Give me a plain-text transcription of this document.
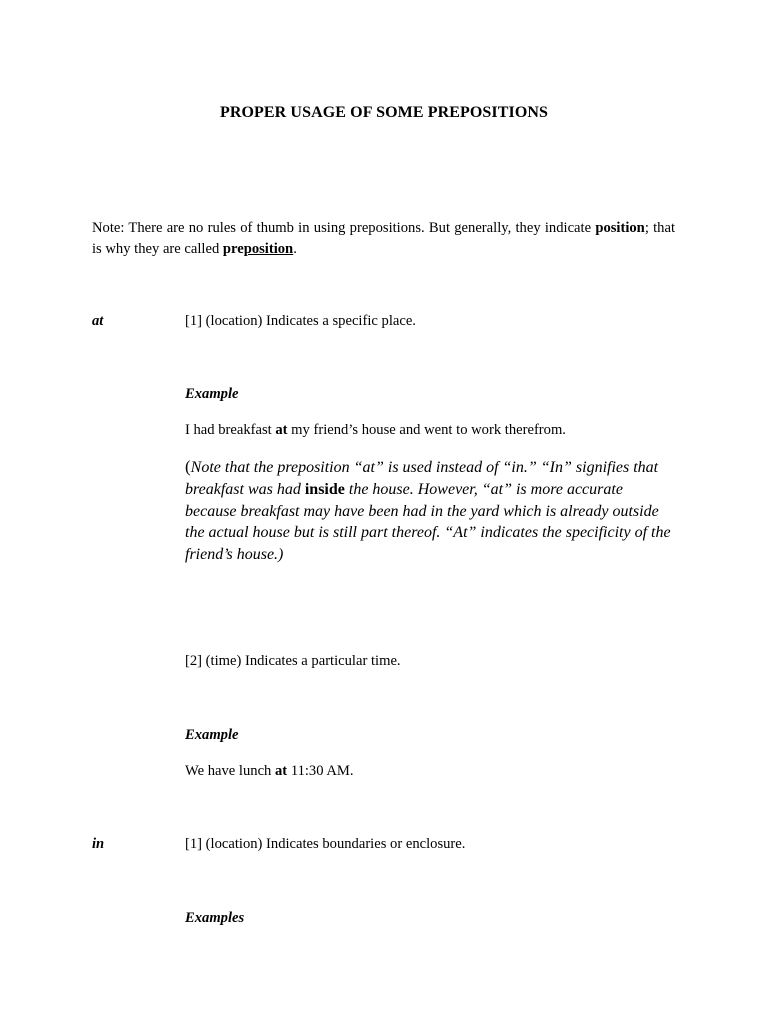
PROPER USAGE OF SOME PREPOSITIONS
Note: There are no rules of thumb in using prepositions. But generally, they indicate position; that is why they are called preposition.
at	[1] (location) Indicates a specific place.
Example
I had breakfast at my friend’s house and went to work therefrom.
(Note that the preposition “at” is used instead of “in.” “In” signifies that breakfast was had inside the house. However, “at” is more accurate because breakfast may have been had in the yard which is already outside the actual house but is still part thereof. “At” indicates the specificity of the friend’s house.)
[2] (time) Indicates a particular time.
Example
We have lunch at 11:30 AM.
in	[1] (location) Indicates boundaries or enclosure.
Examples
